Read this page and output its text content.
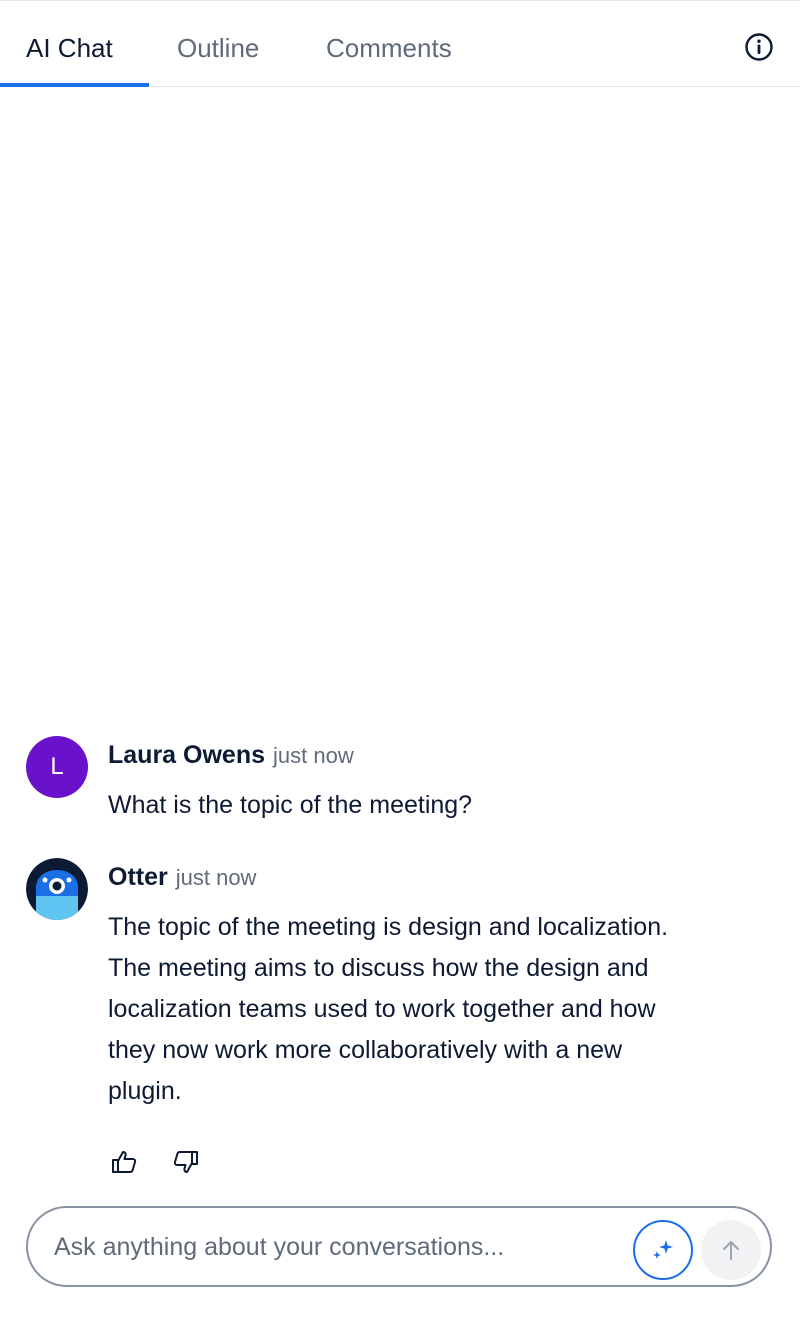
AI Chat Outline	Comments
L Laura Owens just now
What is the topic of the meeting?
Otter just now
The topic of the meeting is design and localization.
The meeting aims to discuss how the design and
localization teams used to work together and how
they now work more collaboratively with a new
plugin.
Ask anything about your conversations...
